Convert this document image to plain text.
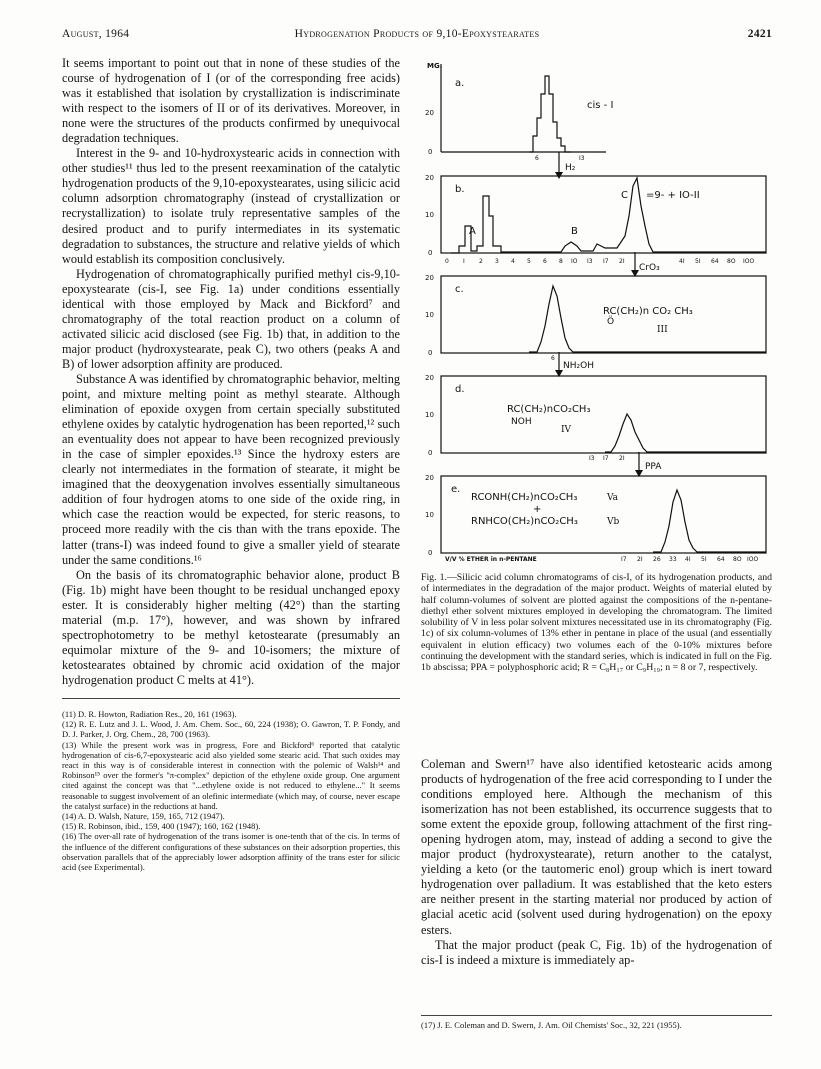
August, 1964	Hydrogenation Products of 9,10-Epoxystearates	2421

It seems important to point out that in none of these studies of the course of hydrogenation of I (or of the corresponding free acids) was it established that isolation by crystallization is indiscriminate with respect to the isomers of II or of its derivatives. Moreover, in none were the structures of the products confirmed by unequivocal degradation techniques.

Interest in the 9- and 10-hydroxystearic acids in connection with other studies¹¹ thus led to the present reexamination of the catalytic hydrogenation products of the 9,10-epoxystearates, using silicic acid column adsorption chromatography (instead of crystallization or recrystallization) to isolate truly representative samples of the desired product and to purify intermediates in its systematic degradation to substances, the structure and relative yields of which would establish its composition conclusively.

Hydrogenation of chromatographically purified methyl cis-9,10-epoxystearate (cis-I, see Fig. 1a) under conditions essentially identical with those employed by Mack and Bickford⁷ and chromatography of the total reaction product on a column of activated silicic acid disclosed (see Fig. 1b) that, in addition to the major product (hydroxystearate, peak C), two others (peaks A and B) of lower adsorption affinity are produced.

Substance A was identified by chromatographic behavior, melting point, and mixture melting point as methyl stearate. Although elimination of epoxide oxygen from certain specially substituted ethylene oxides by catalytic hydrogenation has been reported,¹² such an eventuality does not appear to have been recognized previously in the case of simpler epoxides.¹³ Since the hydroxy esters are clearly not intermediates in the formation of stearate, it might be imagined that the deoxygenation involves essentially simultaneous addition of four hydrogen atoms to one side of the oxide ring, in which case the reaction would be expected, for steric reasons, to proceed more readily with the cis than with the trans epoxide. The latter (trans-I) was indeed found to give a smaller yield of stearate under the same conditions.¹⁶

On the basis of its chromatographic behavior alone, product B (Fig. 1b) might have been thought to be residual unchanged epoxy ester. It is considerably higher melting (42°) than the starting material (m.p. 17°), however, and was shown by infrared spectrophotometry to be methyl ketostearate (presumably an equimolar mixture of the 9- and 10-isomers; the mixture of ketostearates obtained by chromic acid oxidation of the major hydrogenation product C melts at 41°).

(11) D. R. Howton, Radiation Res., 20, 161 (1963).
(12) R. E. Lutz and J. L. Wood, J. Am. Chem. Soc., 60, 224 (1938); O. Gawron, T. P. Fondy, and D. J. Parker, J. Org. Chem., 28, 700 (1963).
(13) While the present work was in progress, Fore and Bickford⁶ reported that catalytic hydrogenation of cis-6,7-epoxystearic acid also yielded some stearic acid. That such oxides may react in this way is of considerable interest in connection with the polemic of Walsh¹⁴ and Robinson¹⁵ over the former's "π-complex" depiction of the ethylene oxide group. One argument cited against the concept was that "...ethylene oxide is not reduced to ethylene..." It seems reasonable to suggest involvement of an olefinic intermediate (which may, of course, never escape the catalyst surface) in the reductions at hand.
(14) A. D. Walsh, Nature, 159, 165, 712 (1947).
(15) R. Robinson, ibid., 159, 400 (1947); 160, 162 (1948).
(16) The over-all rate of hydrogenation of the trans isomer is one-tenth that of the cis. In terms of the influence of the different configurations of these substances on their adsorption properties, this observation parallels that of the appreciably lower adsorption affinity of the trans ester for silicic acid (see Experimental).
MG.
a.
20
0
cis - I
6	I3
H₂
b.
20
10
0
A	B
C =9- + IO-II
0 I 2 3 4 5 6 8 IO I3 I7 2I	4I 5I 64 8O IOO
CrO₃
c.
20
10
0
RC(CH₂)n CO₂ CH₃
Ö
III
6
NH₂OH
d.
20
10
0
RC(CH₂)nCO₂CH₃
NOH
IV
I3 I7 2I
PPA
e.
20
10
0
RCONH(CH₂)nCO₂CH₃	Va
+
RNHCO(CH₂)nCO₂CH₃	Vb
V/V % ETHER in n-PENTANE	I7 2I 26 33 4I 5I 64 8O IOO
Fig. 1.—Silicic acid column chromatograms of cis-I, of its hydrogenation products, and of intermediates in the degradation of the major product. Weights of material eluted by half column-volumes of solvent are plotted against the compositions of the n-pentane-diethyl ether solvent mixtures employed in developing the chromatogram. The limited solubility of V in less polar solvent mixtures necessitated use in its chromatography (Fig. 1c) of six column-volumes of 13% ether in pentane in place of the usual (and essentially equivalent in elution efficacy) two volumes each of the 0-10% mixtures before continuing the development with the standard series, which is indicated in full on the Fig. 1b abscissa; PPA = polyphosphoric acid; R = C₈H₁₇ or C₉H₁₉; n = 8 or 7, respectively.

Coleman and Swern¹⁷ have also identified ketostearic acids among products of hydrogenation of the free acid corresponding to I under the conditions employed here. Although the mechanism of this isomerization has not been established, its occurrence suggests that to some extent the epoxide group, following attachment of the first ring-opening hydrogen atom, may, instead of adding a second to give the major product (hydroxystearate), return another to the catalyst, yielding a keto (or the tautomeric enol) group which is inert toward hydrogenation over palladium. It was established that the keto esters are neither present in the starting material nor produced by action of glacial acetic acid (solvent used during hydrogenation) on the epoxy esters.

That the major product (peak C, Fig. 1b) of the hydrogenation of cis-I is indeed a mixture is immediately ap-

(17) J. E. Coleman and D. Swern, J. Am. Oil Chemists' Soc., 32, 221 (1955).
